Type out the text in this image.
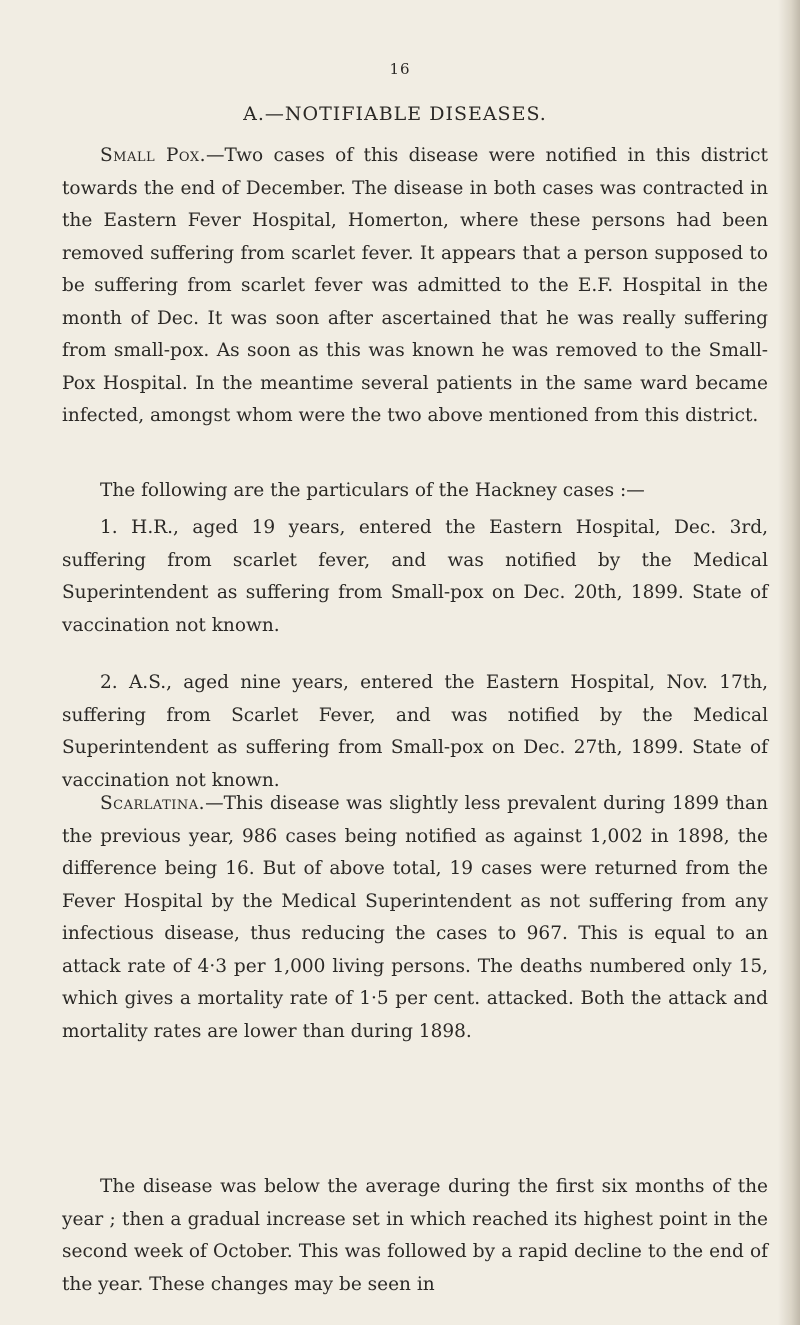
16
A.—NOTIFIABLE DISEASES.

Small Pox.—Two cases of this disease were notified in this district towards the end of December. The disease in both cases was contracted in the Eastern Fever Hospital, Homerton, where these persons had been removed suffering from scarlet fever. It appears that a person supposed to be suffering from scarlet fever was admitted to the E.F. Hospital in the month of Dec. It was soon after ascertained that he was really suffering from small-pox. As soon as this was known he was removed to the Small-Pox Hospital. In the meantime several patients in the same ward became infected, amongst whom were the two above mentioned from this district.

The following are the particulars of the Hackney cases :—

1. H.R., aged 19 years, entered the Eastern Hospital, Dec. 3rd, suffering from scarlet fever, and was notified by the Medical Superintendent as suffering from Small-pox on Dec. 20th, 1899. State of vaccination not known.

2. A.S., aged nine years, entered the Eastern Hospital, Nov. 17th, suffering from Scarlet Fever, and was notified by the Medical Superintendent as suffering from Small-pox on Dec. 27th, 1899. State of vaccination not known.

Scarlatina.—This disease was slightly less prevalent during 1899 than the previous year, 986 cases being notified as against 1,002 in 1898, the difference being 16. But of above total, 19 cases were returned from the Fever Hospital by the Medical Superintendent as not suffering from any infectious disease, thus reducing the cases to 967. This is equal to an attack rate of 4·3 per 1,000 living persons. The deaths numbered only 15, which gives a mortality rate of 1·5 per cent. attacked. Both the attack and mortality rates are lower than during 1898.

The disease was below the average during the first six months of the year ; then a gradual increase set in which reached its highest point in the second week of October. This was followed by a rapid decline to the end of the year. These changes may be seen in
